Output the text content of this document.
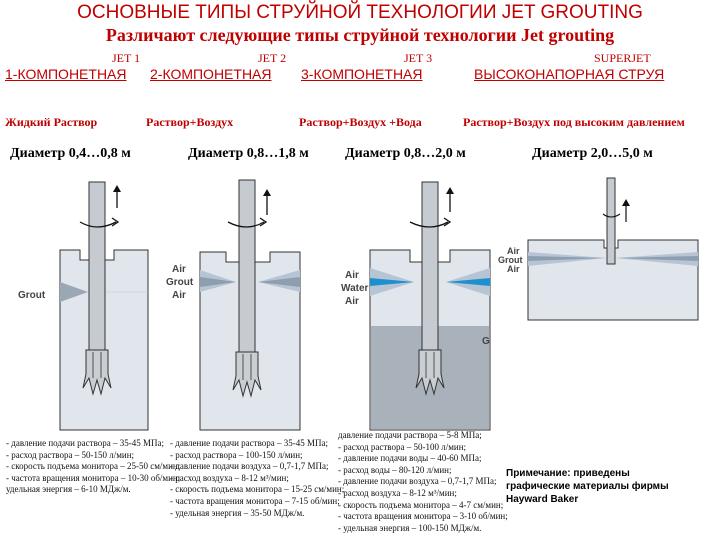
ОСНОВНЫЕ ТИПЫ СТРУЙНОЙ ТЕХНОЛОГИИ JET GROUTING
Различают следующие типы струйной технологии Jet grouting
JET 1	JET 2	JET 3	SUPERJET
1-КОМПОНЕТНАЯ 2-КОМПОНЕТНАЯ 3-КОМПОНЕТНАЯ	ВЫСОКОНАПОРНАЯ СТРУЯ
Жидкий Раствор	Раствор+Воздух	Раствор+Воздух +Вода	Раствор+Воздух под высоким давлением
Диаметр 0,4…0,8 м	Диаметр 0,8…1,8 м	Диаметр 0,8…2,0 м	Диаметр 2,0…5,0 м
Grout
Air
Grout
Air
Air
Water
Air
G
Air
Grout
Air
- давление подачи раствора – 35-45 МПа;
- расход раствора – 50-150 л/мин;
- скорость подъема монитора – 25-50 см/мин;
- частота вращения монитора – 10-30 об/мин;
удельная энергия – 6-10 МДж/м.
- давление подачи раствора – 35-45 МПа;
- расход раствора – 100-150 л/мин;
- давление подачи воздуха – 0,7-1,7 МПа;
- расход воздуха – 8-12 м³/мин;
- скорость подъема монитора – 15-25 см/мин;
- частота вращения монитора – 7-15 об/мин;
- удельная энергия – 35-50 МДж/м.
давление подачи раствора – 5-8 МПа;
- расход раствора – 50-100 л/мин;
- давление подачи воды – 40-60 МПа;
- расход воды – 80-120 л/мин;
- давление подачи воздуха – 0,7-1,7 МПа;
- расход воздуха – 8-12 м³/мин;
- скорость подъема монитора – 4-7 см/мин;
- частота вращения монитора – 3-10 об/мин;
- удельная энергия – 100-150 МДж/м.
Примечание: приведены
графические материалы фирмы
Hayward Baker
